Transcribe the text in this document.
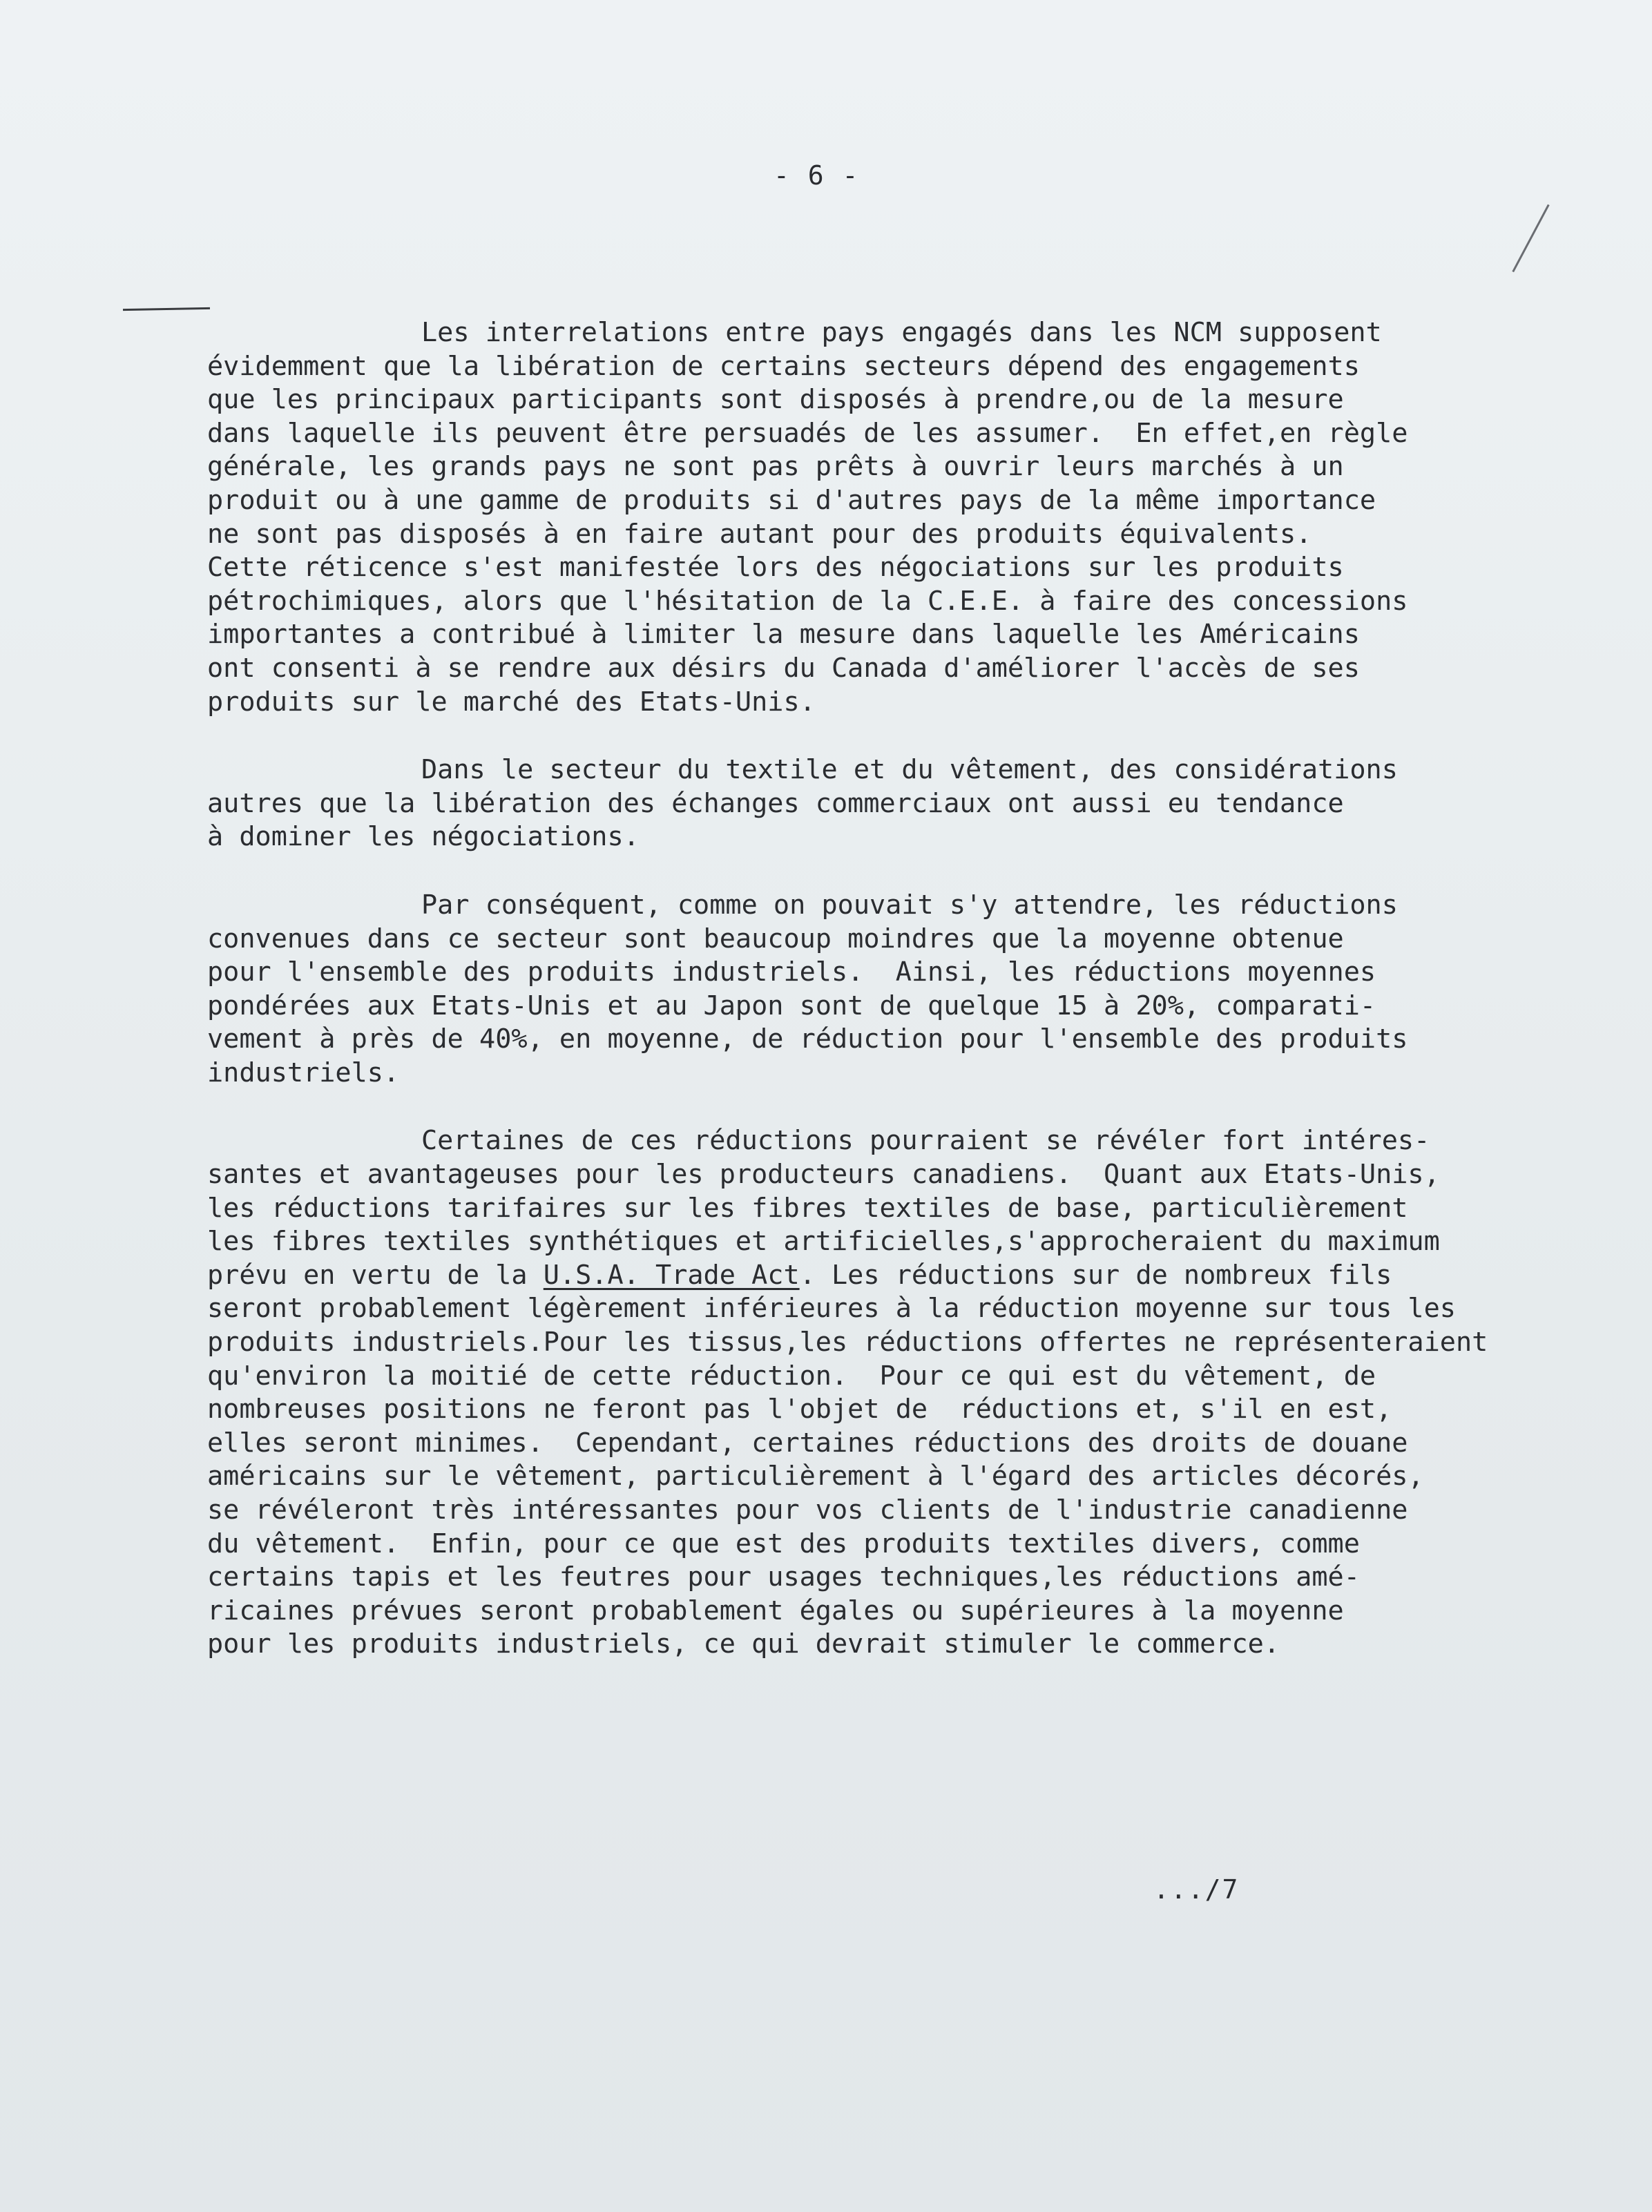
- 6 -
Les interrelations entre pays engagés dans les NCM supposent
évidemment que la libération de certains secteurs dépend des engagements
que les principaux participants sont disposés à prendre,ou de la mesure
dans laquelle ils peuvent être persuadés de les assumer.  En effet,en règle
générale, les grands pays ne sont pas prêts à ouvrir leurs marchés à un
produit ou à une gamme de produits si d'autres pays de la même importance
ne sont pas disposés à en faire autant pour des produits équivalents.
Cette réticence s'est manifestée lors des négociations sur les produits
pétrochimiques, alors que l'hésitation de la C.E.E. à faire des concessions
importantes a contribué à limiter la mesure dans laquelle les Américains
ont consenti à se rendre aux désirs du Canada d'améliorer l'accès de ses
produits sur le marché des Etats-Unis.
Dans le secteur du textile et du vêtement, des considérations
autres que la libération des échanges commerciaux ont aussi eu tendance
à dominer les négociations.
Par conséquent, comme on pouvait s'y attendre, les réductions
convenues dans ce secteur sont beaucoup moindres que la moyenne obtenue
pour l'ensemble des produits industriels.  Ainsi, les réductions moyennes
pondérées aux Etats-Unis et au Japon sont de quelque 15 à 20%, comparati-
vement à près de 40%, en moyenne, de réduction pour l'ensemble des produits
industriels.
Certaines de ces réductions pourraient se révéler fort intéres-
santes et avantageuses pour les producteurs canadiens.  Quant aux Etats-Unis,
les réductions tarifaires sur les fibres textiles de base, particulièrement
les fibres textiles synthétiques et artificielles,s'approcheraient du maximum
prévu en vertu de la U.S.A. Trade Act. Les réductions sur de nombreux fils
seront probablement légèrement inférieures à la réduction moyenne sur tous les
produits industriels.Pour les tissus,les réductions offertes ne représenteraient
qu'environ la moitié de cette réduction.  Pour ce qui est du vêtement, de
nombreuses positions ne feront pas l'objet de  réductions et, s'il en est,
elles seront minimes.  Cependant, certaines réductions des droits de douane
américains sur le vêtement, particulièrement à l'égard des articles décorés,
se révéleront très intéressantes pour vos clients de l'industrie canadienne
du vêtement.  Enfin, pour ce que est des produits textiles divers, comme
certains tapis et les feutres pour usages techniques,les réductions amé-
ricaines prévues seront probablement égales ou supérieures à la moyenne
pour les produits industriels, ce qui devrait stimuler le commerce.
.../7
